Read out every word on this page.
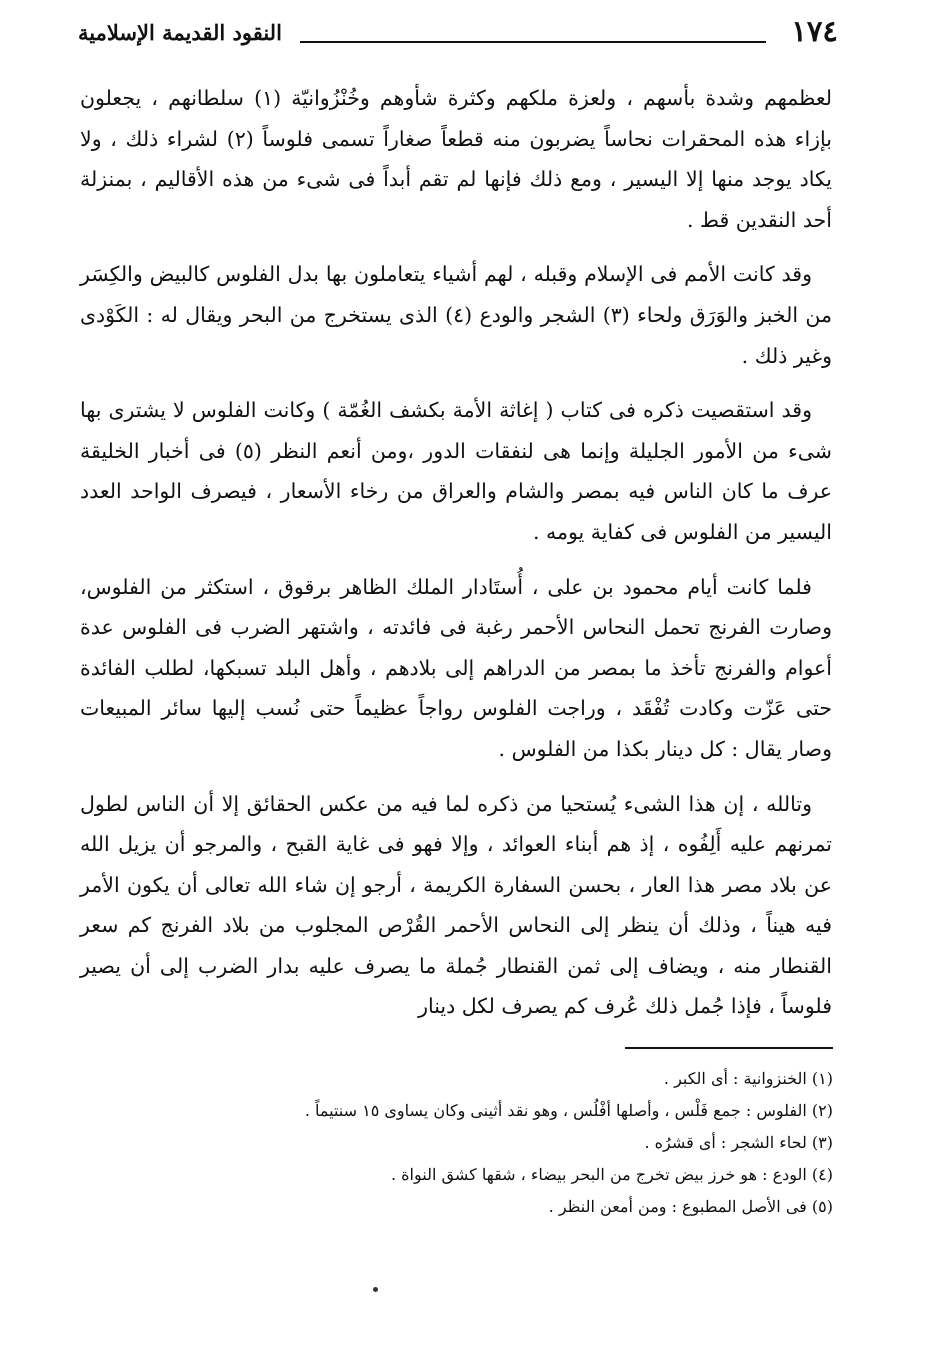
١٧٤
النقود القديمة الإسلامية

لعظمهم وشدة بأسهم ، ولعزة ملكهم وكثرة شأوهم وخُنْزُوانيّة (١) سلطانهم ، يجعلون بإزاء هذه المحقرات نحاساً يضربون منه قطعاً صغاراً تسمى فلوساً (٢) لشراء ذلك ، ولا يكاد يوجد منها إلا اليسير ، ومع ذلك فإنها لم تقم أبداً فى شىء من هذه الأقاليم ، بمنزلة أحد النقدين قط .

وقد كانت الأمم فى الإسلام وقبله ، لهم أشياء يتعاملون بها بدل الفلوس كالبيض والكِسَر من الخبز والوَرَق ولحاء (٣) الشجر والودع (٤) الذى يستخرج من البحر ويقال له : الكَوْدى وغير ذلك .

وقد استقصيت ذكره فى كتاب ( إغاثة الأمة بكشف الغُمّة ) وكانت الفلوس لا يشترى بها شىء من الأمور الجليلة وإنما هى لنفقات الدور ،ومن أنعم النظر (٥) فى أخبار الخليقة عرف ما كان الناس فيه بمصر والشام والعراق من رخاء الأسعار ، فيصرف الواحد العدد اليسير من الفلوس فى كفاية يومه .

فلما كانت أيام محمود بن على ، أُستَادار الملك الظاهر برقوق ، استكثر من الفلوس، وصارت الفرنج تحمل النحاس الأحمر رغبة فى فائدته ، واشتهر الضرب فى الفلوس عدة أعوام والفرنج تأخذ ما بمصر من الدراهم إلى بلادهم ، وأهل البلد تسبكها، لطلب الفائدة حتى عَزّت وكادت تُفْقَد ، وراجت الفلوس رواجاً عظيماً حتى نُسب إليها سائر المبيعات وصار يقال : كل دينار بكذا من الفلوس .

وتالله ، إن هذا الشىء يُستحيا من ذكره لما فيه من عكس الحقائق إلا أن الناس لطول تمرنهم عليه أَلِفُوه ، إذ هم أبناء العوائد ، وإلا فهو فى غاية القبح ، والمرجو أن يزيل الله عن بلاد مصر هذا العار ، بحسن السفارة الكريمة ، أرجو إن شاء الله تعالى أن يكون الأمر فيه هيناً ، وذلك أن ينظر إلى النحاس الأحمر القُرْص المجلوب من بلاد الفرنج كم سعر القنطار منه ، ويضاف إلى ثمن القنطار جُملة ما يصرف عليه بدار الضرب إلى أن يصير فلوساً ، فإذا جُمل ذلك عُرف كم يصرف لكل دينار

(١) الخنزوانية : أى الكبر .
(٢) الفلوس : جمع فَلْس ، وأصلها أفْلُس ، وهو نقد أثينى وكان يساوى ١٥ سنتيماً .
(٣) لحاء الشجر : أى قشرُه .
(٤) الودع : هو خرز بيض تخرج من البحر بيضاء ، شقها كشق النواة .
(٥) فى الأصل المطبوع : ومن أمعن النظر .
